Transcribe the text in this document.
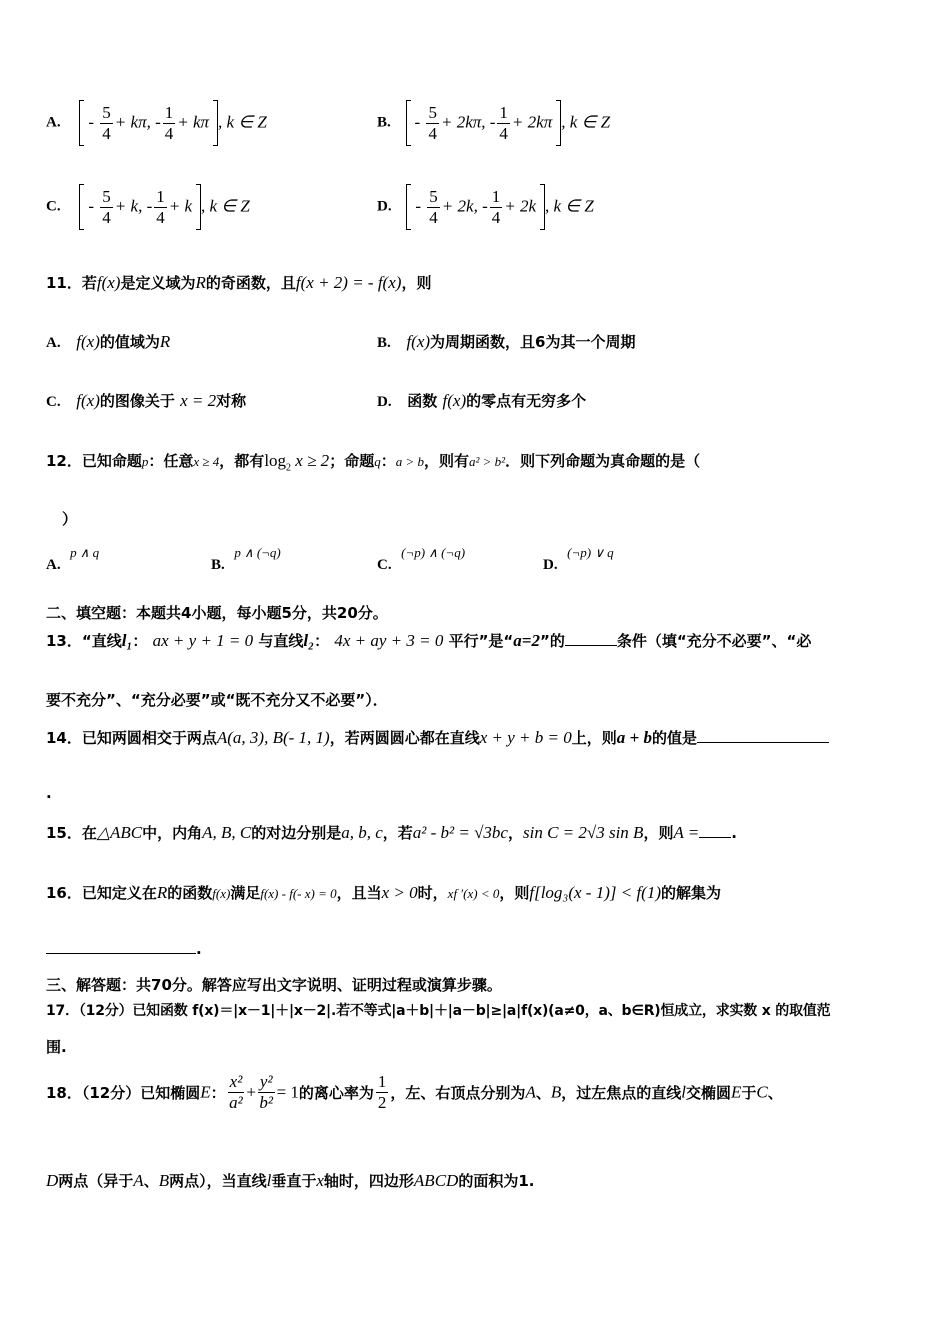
A. - $\frac{5}{4} + k\pi$, - $\frac{1}{4} + k\pi$ , k ∈ Z	B. - $\frac{5}{4} + 2k\pi$, - $\frac{1}{4} + 2k\pi$ , k ∈ Z
C. - $\frac{5}{4} + k$, - $\frac{1}{4} + k$ , k ∈ Z	D. - $\frac{5}{4} + 2k$, - $\frac{1}{4} + 2k$ , k ∈ Z
11．若f(x)是定义域为R的奇函数，且f(x + 2) = - f(x)，则
A. f(x)的值域为R	B. f(x)为周期函数，且6为其一个周期
C. f(x)的图像关于 x = 2对称	D. 函数 f(x)的零点有无穷多个
12．已知命题p：任意x ≥ 4，都有$\log_2 x \ge 2$；命题q：a > b，则有a² > b²．则下列命题为真命题的是（
）
A.  p ∧ q
B.  p ∧ (¬q)
C.  (¬p) ∧ (¬q)
D.  (¬p) ∨ q
二、填空题：本题共4小题，每小题5分，共20分。
13．“直线l₁： ax + y + 1 = 0 与直线l₂： 4x + ay + 3 = 0 平行”是“a=2”的	条件（填“充分不必要”、“必
要不充分”、“充分必要”或“既不充分又不必要”）．
14．已知两圆相交于两点A(a, 3), B(- 1, 1)，若两圆圆心都在直线x + y + b = 0上，则a + b的值是
.
15．在△ABC中，内角A, B, C的对边分别是a, b, c，若a² - b² = √3bc，sin C = 2√3 sin B，则A = .
16．已知定义在R的函数f(x)满足f(x) - f(- x) = 0，且当x > 0时，xf ′(x) < 0，则f[log₃(x - 1)] < f(1)的解集为
.
三、解答题：共70分。解答应写出文字说明、证明过程或演算步骤。
17．（12分）已知函数 f(x)＝|x－1|＋|x－2|.若不等式|a＋b|＋|a－b|≥|a|f(x)(a≠0，a、b∈R)恒成立，求实数 x 的取值范
围.
18．（12分）已知椭圆E： $\frac{\text{x²}}{\text{a²}} + \frac{\text{y²}}{\text{b²}} = 1$的离心率为 $\frac{1}{2}$ ，左、右顶点分别为A、B，过左焦点的直线l交椭圆E于C、
D两点（异于A、B两点），当直线l垂直于x轴时，四边形ABCD的面积为1.
